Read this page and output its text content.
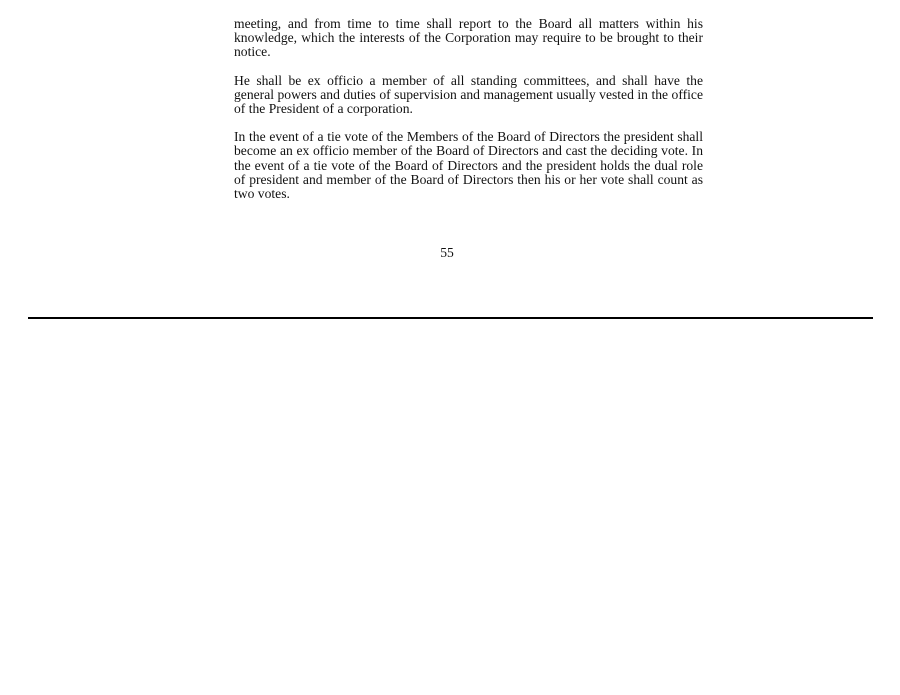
meeting, and from time to time shall report to the Board all matters within his knowledge, which the interests of the Corporation may require to be brought to their notice.

He shall be ex officio a member of all standing committees, and shall have the general powers and duties of supervision and management usually vested in the office of the President of a corporation.

In the event of a tie vote of the Members of the Board of Directors the president shall become an ex officio member of the Board of Directors and cast the deciding vote. In the event of a tie vote of the Board of Directors and the president holds the dual role of president and member of the Board of Directors then his or her vote shall count as two votes.

55
